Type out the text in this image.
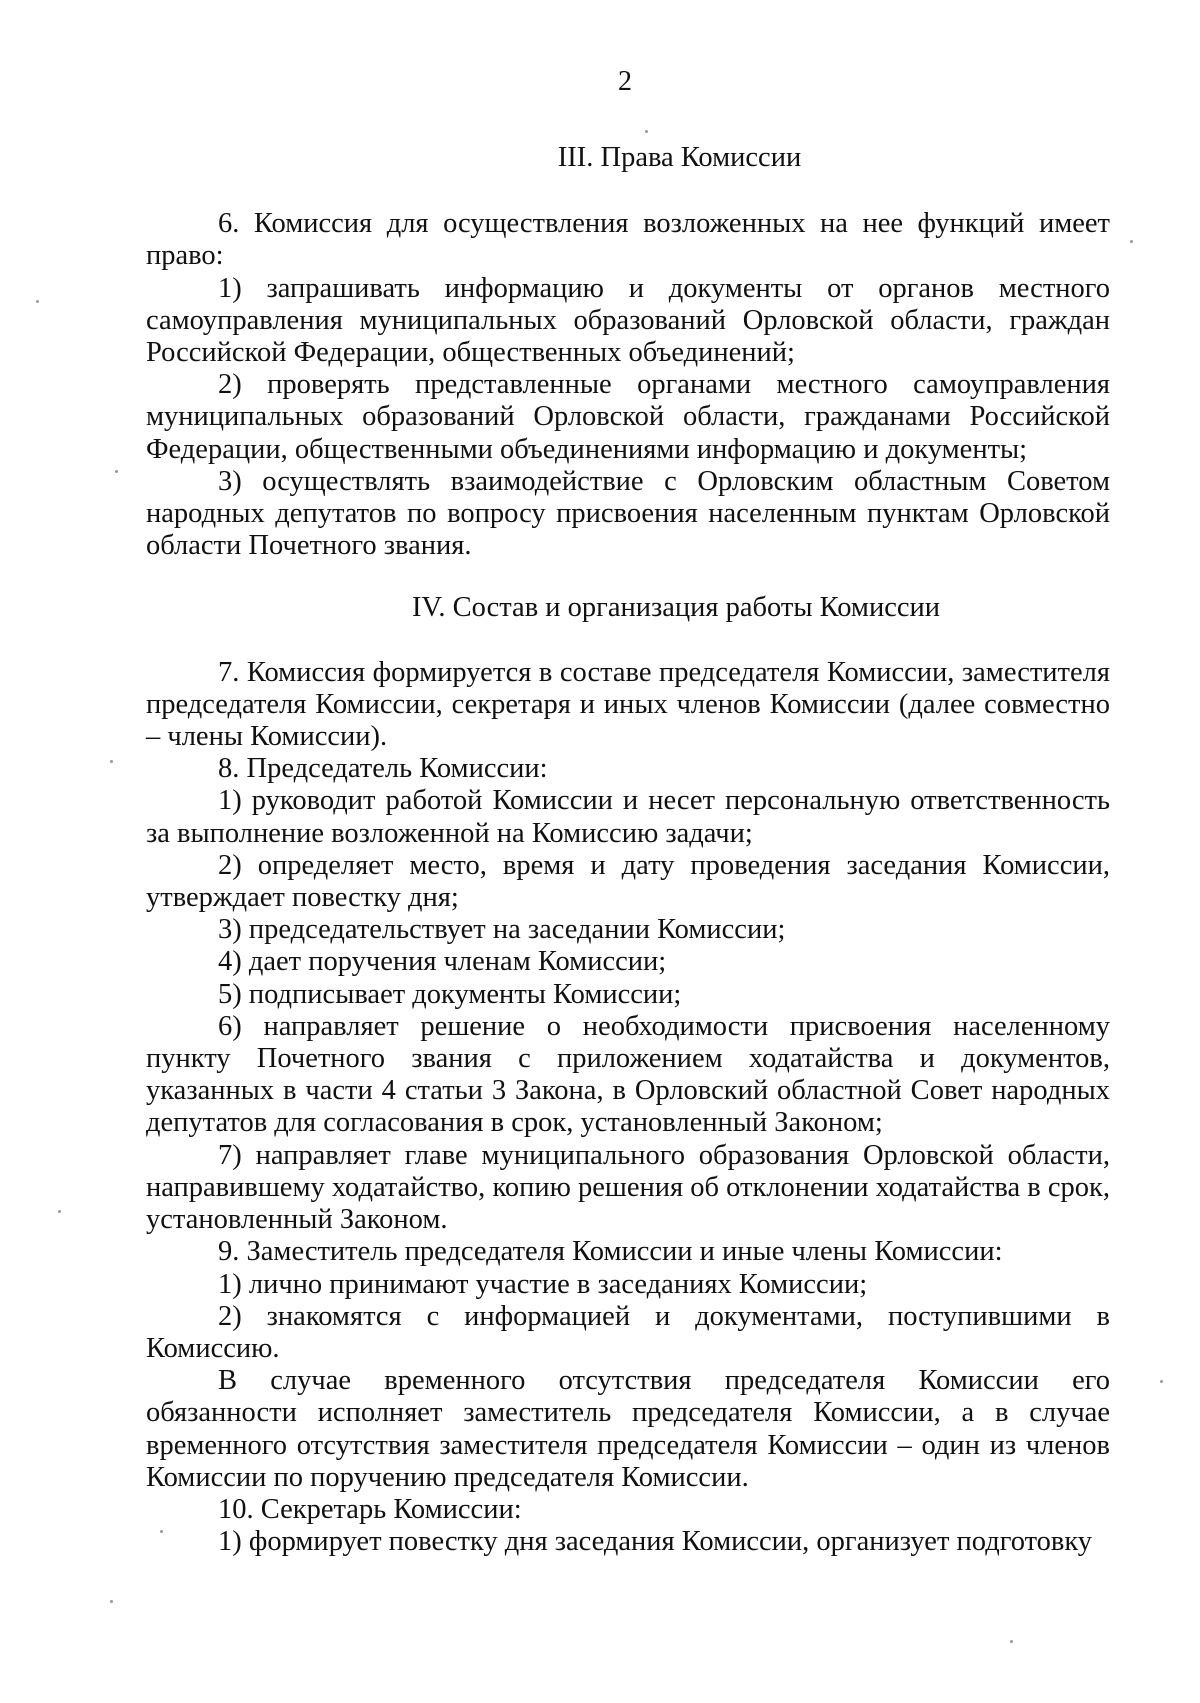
2
III. Права Комиссии

6. Комиссия для осуществления возложенных на нее функций имеет право:

1) запрашивать информацию и документы от органов местного самоуправления муниципальных образований Орловской области, граждан Российской Федерации, общественных объединений;

2) проверять представленные органами местного самоуправления муниципальных образований Орловской области, гражданами Российской Федерации, общественными объединениями информацию и документы;

3) осуществлять взаимодействие с Орловским областным Советом народных депутатов по вопросу присвоения населенным пунктам Орловской области Почетного звания.

IV. Состав и организация работы Комиссии

7. Комиссия формируется в составе председателя Комиссии, заместителя председателя Комиссии, секретаря и иных членов Комиссии (далее совместно – члены Комиссии).

8. Председатель Комиссии:

1) руководит работой Комиссии и несет персональную ответственность за выполнение возложенной на Комиссию задачи;

2) определяет место, время и дату проведения заседания Комиссии, утверждает повестку дня;

3) председательствует на заседании Комиссии;

4) дает поручения членам Комиссии;

5) подписывает документы Комиссии;

6) направляет решение о необходимости присвоения населенному пункту Почетного звания с приложением ходатайства и документов, указанных в части 4 статьи 3 Закона, в Орловский областной Совет народных депутатов для согласования в срок, установленный Законом;

7) направляет главе муниципального образования Орловской области, направившему ходатайство, копию решения об отклонении ходатайства в срок, установленный Законом.

9. Заместитель председателя Комиссии и иные члены Комиссии:

1) лично принимают участие в заседаниях Комиссии;

2) знакомятся с информацией и документами, поступившими в Комиссию.

В случае временного отсутствия председателя Комиссии его обязанности исполняет заместитель председателя Комиссии, а в случае временного отсутствия заместителя председателя Комиссии – один из членов Комиссии по поручению председателя Комиссии.

10. Секретарь Комиссии:

1) формирует повестку дня заседания Комиссии, организует подготовку
